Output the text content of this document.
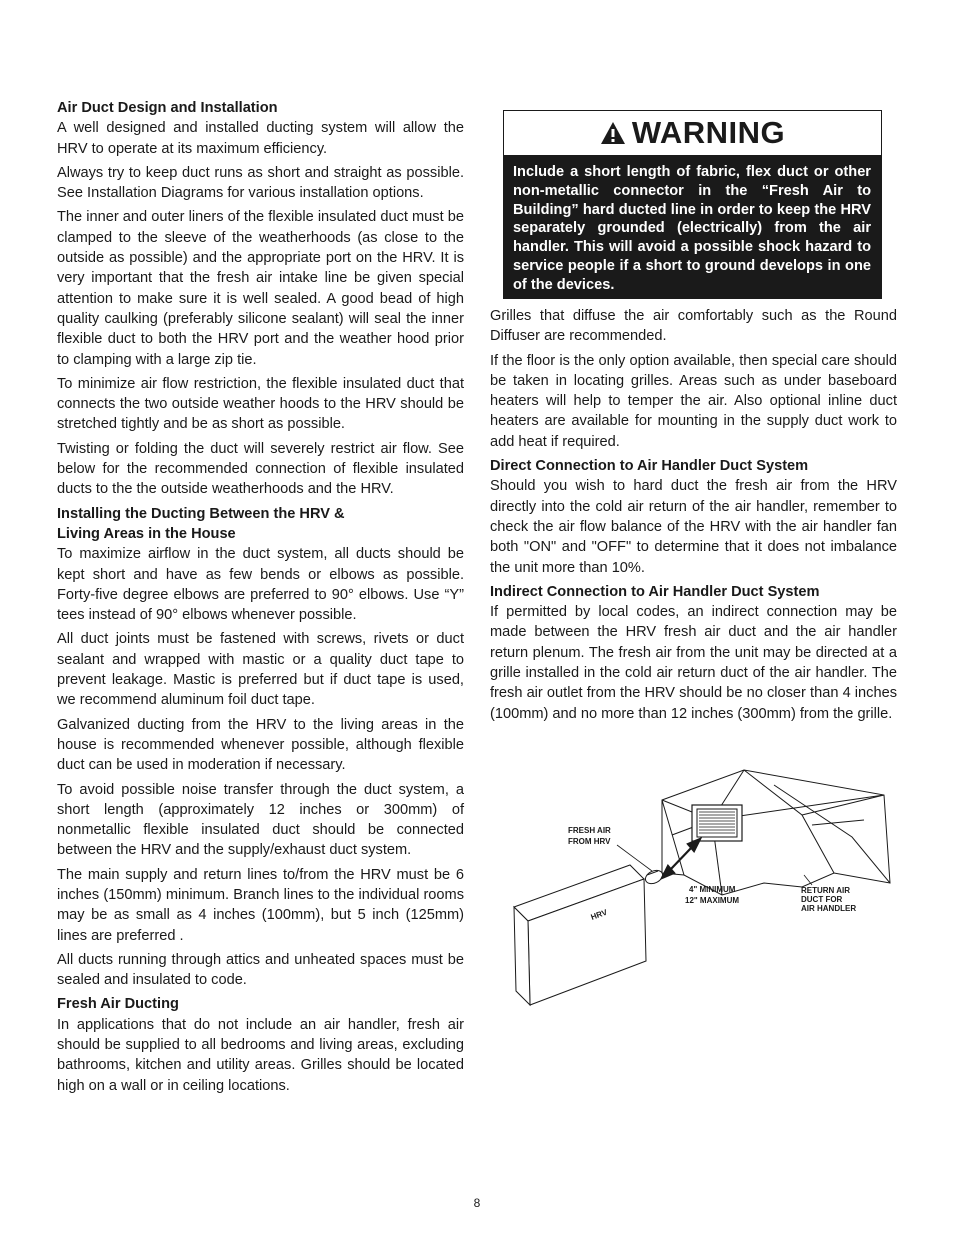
Air Duct Design and Installation

A well designed and installed ducting system will allow the HRV to operate at its maximum efficiency.

Always try to keep duct runs as short and straight as possible. See Installation Diagrams for various installation options.

The inner and outer liners of the flexible insulated duct must be clamped to the sleeve of the weatherhoods (as close to the outside as possible) and the appropriate port on the HRV. It is very important that the fresh air intake line be given special attention to make sure it is well sealed. A good bead of high quality caulking (preferably silicone sealant) will seal the inner flexible duct to both the HRV port and the weather hood prior to clamping with a large zip tie.

To minimize air flow restriction, the flexible insulated duct that connects the two outside weather hoods to the HRV should be stretched tightly and be as short as possible.

Twisting or folding the duct will severely restrict air flow. See below for the recommended connection of flexible insulated ducts to the the outside weatherhoods and the HRV.

Installing the Ducting Between the HRV &
Living Areas in the House

To maximize airflow in the duct system, all ducts should be kept short and have as few bends or elbows as possible. Forty-five degree elbows are preferred to 90° elbows. Use “Y” tees instead of 90° elbows whenever possible.

All duct joints must be fastened with screws, rivets or duct sealant and wrapped with mastic or a quality duct tape to prevent leakage. Mastic is preferred but if duct tape is used, we recommend aluminum foil duct tape.

Galvanized ducting from the HRV to the living areas in the house is recommended whenever possible, although flexible duct can be used in moderation if necessary.

To avoid possible noise transfer through the duct system, a short length (approximately 12 inches or 300mm) of nonmetallic flexible insulated duct should be connected between the HRV and the supply/exhaust duct system.

The main supply and return lines to/from the HRV must be 6 inches (150mm) minimum. Branch lines to the individual rooms may be as small as 4 inches (100mm), but 5 inch (125mm) lines are preferred .

All ducts running through attics and unheated spaces must be sealed and insulated to code.

Fresh Air Ducting

In applications that do not include an air handler, fresh air should be supplied to all bedrooms and living areas, excluding bathrooms, kitchen and utility areas. Grilles should be located high on a wall or in ceiling locations.

WARNING
Include a short length of fabric, flex duct or other non-metallic connector in the “Fresh Air to Building” hard ducted line in order to keep the HRV separately grounded (electrically) from the air handler. This will avoid a possible shock hazard to service people if a short to ground develops in one of the devices.

Grilles that diffuse the air comfortably such as the Round Diffuser are recommended.

If the floor is the only option available, then special care should be taken in locating grilles. Areas such as under baseboard heaters will help to temper the air. Also optional inline duct heaters are available for mounting in the supply duct work to add heat if required.

Direct Connection to Air Handler Duct System

Should you wish to hard duct the fresh air from the HRV directly into the cold air return of the air handler, remember to check the air flow balance of the HRV with the air handler fan both "ON" and "OFF" to determine that it does not imbalance the unit more than 10%.

Indirect Connection to Air Handler Duct System

If permitted by local codes, an indirect connection may be made between the HRV fresh air duct and the air handler return plenum. The fresh air from the unit may be directed at a grille installed in the cold air return duct of the air handler. The fresh air outlet from the HRV should be no closer than 4 inches (100mm) and no more than 12 inches (300mm) from the grille.

HRV
FRESH AIR
FROM HRV
4" MINIMUM
12" MAXIMUM
RETURN AIR
DUCT FOR
AIR HANDLER
8
